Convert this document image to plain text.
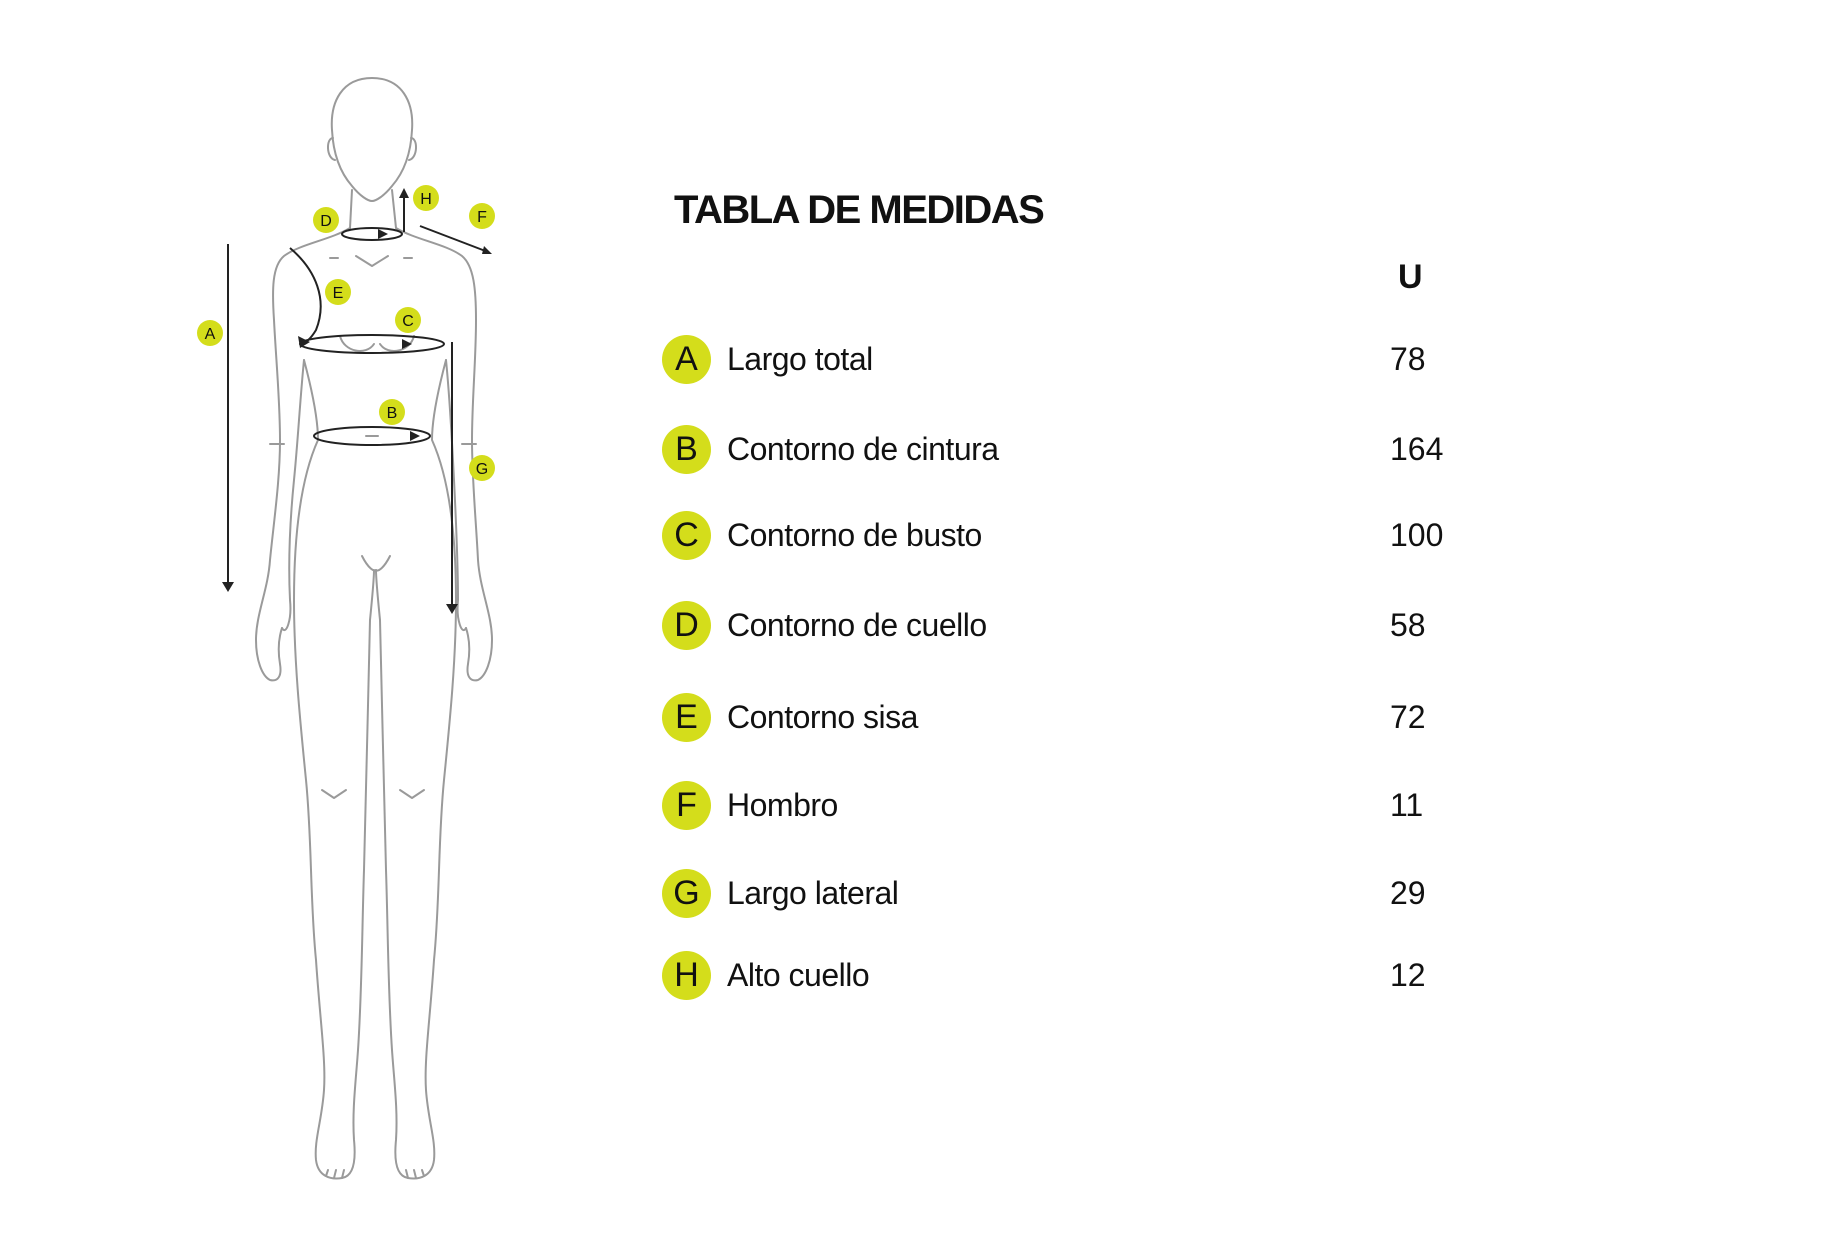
A
B
C
D
E
F
G
H	TABLA DE MEDIDAS
U
A Largo total	78
B Contorno de cintura	164
C Contorno de busto	100
D Contorno de cuello	58
E Contorno sisa	72
F Hombro	11
G Largo lateral	29
H Alto cuello	12
